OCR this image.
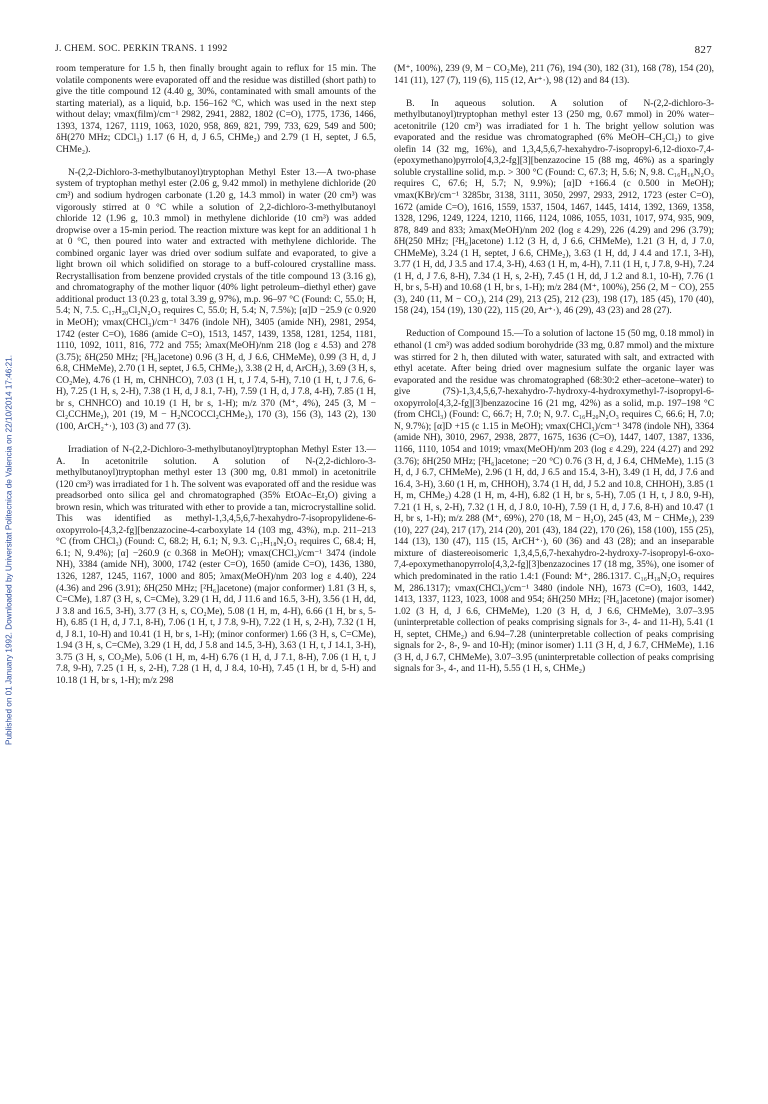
J. CHEM. SOC. PERKIN TRANS. 1 1992	827
Published on 01 January 1992. Downloaded by Universitat Politecnica de Valencia on 22/10/2014 17:46:21.

room temperature for 1.5 h, then finally brought again to reflux for 15 min. The volatile components were evaporated off and the residue was distilled (short path) to give the title compound 12 (4.40 g, 30%, contaminated with small amounts of the starting material), as a liquid, b.p. 156–162 °C, which was used in the next step without delay; νmax(film)/cm⁻¹ 2982, 2941, 2882, 1802 (C=O), 1775, 1736, 1466, 1393, 1374, 1267, 1119, 1063, 1020, 958, 869, 821, 799, 733, 629, 549 and 500; δH(270 MHz; CDCl₃) 1.17 (6 H, d, J 6.5, CHMe₂) and 2.79 (1 H, septet, J 6.5, CHMe₂).

N-(2,2-Dichloro-3-methylbutanoyl)tryptophan Methyl Ester 13.—A two-phase system of tryptophan methyl ester (2.06 g, 9.42 mmol) in methylene dichloride (20 cm³) and sodium hydrogen carbonate (1.20 g, 14.3 mmol) in water (20 cm³) was vigorously stirred at 0 °C while a solution of 2,2-dichloro-3-methylbutanoyl chloride 12 (1.96 g, 10.3 mmol) in methylene dichloride (10 cm³) was added dropwise over a 15-min period. The reaction mixture was kept for an additional 1 h at 0 °C, then poured into water and extracted with methylene dichloride. The combined organic layer was dried over sodium sulfate and evaporated, to give a light brown oil which solidified on storage to a buff-coloured crystalline mass. Recrystallisation from benzene provided crystals of the title compound 13 (3.16 g), and chromatography of the mother liquor (40% light petroleum–diethyl ether) gave additional product 13 (0.23 g, total 3.39 g, 97%), m.p. 96–97 °C (Found: C, 55.0; H, 5.4; N, 7.5. C₁₇H₂₀Cl₂N₂O₃ requires C, 55.0; H, 5.4; N, 7.5%); [α]D −25.9 (c 0.920 in MeOH); νmax(CHCl₃)/cm⁻¹ 3476 (indole NH), 3405 (amide NH), 2981, 2954, 1742 (ester C=O), 1686 (amide C=O), 1513, 1457, 1439, 1358, 1281, 1254, 1181, 1110, 1092, 1011, 816, 772 and 755; λmax(MeOH)/nm 218 (log ε 4.53) and 278 (3.75); δH(250 MHz; [²H₆]acetone) 0.96 (3 H, d, J 6.6, CHMeMe), 0.99 (3 H, d, J 6.8, CHMeMe), 2.70 (1 H, septet, J 6.5, CHMe₂), 3.38 (2 H, d, ArCH₂), 3.69 (3 H, s, CO₂Me), 4.76 (1 H, m, CHNHCO), 7.03 (1 H, t, J 7.4, 5-H), 7.10 (1 H, t, J 7.6, 6-H), 7.25 (1 H, s, 2-H), 7.38 (1 H, d, J 8.1, 7-H), 7.59 (1 H, d, J 7.8, 4-H), 7.85 (1 H, br s, CHNHCO) and 10.19 (1 H, br s, 1-H); m/z 370 (M⁺, 4%), 245 (3, M − Cl₂CCHMe₂), 201 (19, M − H₂NCOCCl₂CHMe₂), 170 (3), 156 (3), 143 (2), 130 (100, ArCH₂⁺·), 103 (3) and 77 (3).

Irradiation of N-(2,2-Dichloro-3-methylbutanoyl)tryptophan Methyl Ester 13.—A. In acetonitrile solution. A solution of N-(2,2-dichloro-3-methylbutanoyl)tryptophan methyl ester 13 (300 mg, 0.81 mmol) in acetonitrile (120 cm³) was irradiated for 1 h. The solvent was evaporated off and the residue was preadsorbed onto silica gel and chromatographed (35% EtOAc–Et₂O) giving a brown resin, which was triturated with ether to provide a tan, microcrystalline solid. This was identified as methyl-1,3,4,5,6,7-hexahydro-7-isopropylidene-6-oxopyrrolo-[4,3,2-fg][benzazocine-4-carboxylate 14 (103 mg, 43%), m.p. 211–213 °C (from CHCl₃) (Found: C, 68.2; H, 6.1; N, 9.3. C₁₇H₁₈N₂O₃ requires C, 68.4; H, 6.1; N, 9.4%); [α] −260.9 (c 0.368 in MeOH); νmax(CHCl₃)/cm⁻¹ 3474 (indole NH), 3384 (amide NH), 3000, 1742 (ester C=O), 1650 (amide C=O), 1436, 1380, 1326, 1287, 1245, 1167, 1000 and 805; λmax(MeOH)/nm 203 log ε 4.40), 224 (4.36) and 296 (3.91); δH(250 MHz; [²H₆]acetone) (major conformer) 1.81 (3 H, s, C=CMe), 1.87 (3 H, s, C=CMe), 3.29 (1 H, dd, J 11.6 and 16.5, 3-H), 3.56 (1 H, dd, J 3.8 and 16.5, 3-H), 3.77 (3 H, s, CO₂Me), 5.08 (1 H, m, 4-H), 6.66 (1 H, br s, 5-H), 6.85 (1 H, d, J 7.1, 8-H), 7.06 (1 H, t, J 7.8, 9-H), 7.22 (1 H, s, 2-H), 7.32 (1 H, d, J 8.1, 10-H) and 10.41 (1 H, br s, 1-H); (minor conformer) 1.66 (3 H, s, C=CMe), 1.94 (3 H, s, C=CMe), 3.29 (1 H, dd, J 5.8 and 14.5, 3-H), 3.63 (1 H, t, J 14.1, 3-H), 3.75 (3 H, s, CO₂Me), 5.06 (1 H, m, 4-H) 6.76 (1 H, d, J 7.1, 8-H), 7.06 (1 H, t, J 7.8, 9-H), 7.25 (1 H, s, 2-H), 7.28 (1 H, d, J 8.4, 10-H), 7.45 (1 H, br d, 5-H) and 10.18 (1 H, br s, 1-H); m/z 298

(M⁺, 100%), 239 (9, M − CO₂Me), 211 (76), 194 (30), 182 (31), 168 (78), 154 (20), 141 (11), 127 (7), 119 (6), 115 (12, Ar⁺·), 98 (12) and 84 (13).

B. In aqueous solution. A solution of N-(2,2-dichloro-3-methylbutanoyl)tryptophan methyl ester 13 (250 mg, 0.67 mmol) in 20% water–acetonitrile (120 cm³) was irradiated for 1 h. The bright yellow solution was evaporated and the residue was chromatographed (6% MeOH–CH₂Cl₂) to give olefin 14 (32 mg, 16%), and 1,3,4,5,6,7-hexahydro-7-isopropyl-6,12-dioxo-7,4-(epoxymethano)pyrrolo[4,3,2-fg][3][benzazocine 15 (88 mg, 46%) as a sparingly soluble crystalline solid, m.p. > 300 °C (Found: C, 67.3; H, 5.6; N, 9.8. C₁₆H₁₆N₂O₃ requires C, 67.6; H, 5.7; N, 9.9%); [α]D +166.4 (c 0.500 in MeOH); νmax(KBr)/cm⁻¹ 3285br, 3138, 3111, 3050, 2997, 2933, 2912, 1723 (ester C=O), 1672 (amide C=O), 1616, 1559, 1537, 1504, 1467, 1445, 1414, 1392, 1369, 1358, 1328, 1296, 1249, 1224, 1210, 1166, 1124, 1086, 1055, 1031, 1017, 974, 935, 909, 878, 849 and 833; λmax(MeOH)/nm 202 (log ε 4.29), 226 (4.29) and 296 (3.79); δH(250 MHz; [²H₆]acetone) 1.12 (3 H, d, J 6.6, CHMeMe), 1.21 (3 H, d, J 7.0, CHMeMe), 3.24 (1 H, septet, J 6.6, CHMe₂), 3.63 (1 H, dd, J 4.4 and 17.1, 3-H), 3.77 (1 H, dd, J 3.5 and 17.4, 3-H), 4.63 (1 H, m, 4-H), 7.11 (1 H, t, J 7.8, 9-H), 7.24 (1 H, d, J 7.6, 8-H), 7.34 (1 H, s, 2-H), 7.45 (1 H, dd, J 1.2 and 8.1, 10-H), 7.76 (1 H, br s, 5-H) and 10.68 (1 H, br s, 1-H); m/z 284 (M⁺, 100%), 256 (2, M − CO), 255 (3), 240 (11, M − CO₂), 214 (29), 213 (25), 212 (23), 198 (17), 185 (45), 170 (40), 158 (24), 154 (19), 130 (22), 115 (20, Ar⁺·), 46 (29), 43 (23) and 28 (27).

Reduction of Compound 15.—To a solution of lactone 15 (50 mg, 0.18 mmol) in ethanol (1 cm³) was added sodium borohydride (33 mg, 0.87 mmol) and the mixture was stirred for 2 h, then diluted with water, saturated with salt, and extracted with ethyl acetate. After being dried over magnesium sulfate the organic layer was evaporated and the residue was chromatographed (68:30:2 ether–acetone–water) to give (7S)-1,3,4,5,6,7-hexahydro-7-hydroxy-4-hydroxymethyl-7-isopropyl-6-oxopyrrolo[4,3,2-fg][3]benzazocine 16 (21 mg, 42%) as a solid, m.p. 197–198 °C (from CHCl₃) (Found: C, 66.7; H, 7.0; N, 9.7. C₁₆H₂₀N₂O₃ requires C, 66.6; H, 7.0; N, 9.7%); [α]D +15 (c 1.15 in MeOH); νmax(CHCl₃)/cm⁻¹ 3478 (indole NH), 3364 (amide NH), 3010, 2967, 2938, 2877, 1675, 1636 (C=O), 1447, 1407, 1387, 1336, 1166, 1110, 1054 and 1019; νmax(MeOH)/nm 203 (log ε 4.29), 224 (4.27) and 292 (3.76); δH(250 MHz; [²H₆]acetone; −20 °C) 0.76 (3 H, d, J 6.4, CHMeMe), 1.15 (3 H, d, J 6.7, CHMeMe), 2.96 (1 H, dd, J 6.5 and 15.4, 3-H), 3.49 (1 H, dd, J 7.6 and 16.4, 3-H), 3.60 (1 H, m, CHHOH), 3.74 (1 H, dd, J 5.2 and 10.8, CHHOH), 3.85 (1 H, m, CHMe₂) 4.28 (1 H, m, 4-H), 6.82 (1 H, br s, 5-H), 7.05 (1 H, t, J 8.0, 9-H), 7.21 (1 H, s, 2-H), 7.32 (1 H, d, J 8.0, 10-H), 7.59 (1 H, d, J 7.6, 8-H) and 10.47 (1 H, br s, 1-H); m/z 288 (M⁺, 69%), 270 (18, M − H₂O), 245 (43, M − CHMe₂), 239 (10), 227 (24), 217 (17), 214 (20), 201 (43), 184 (22), 170 (26), 158 (100), 155 (25), 144 (13), 130 (47), 115 (15, ArCH⁺·), 60 (36) and 43 (28); and an inseparable mixture of diastereoisomeric 1,3,4,5,6,7-hexahydro-2-hydroxy-7-isopropyl-6-oxo-7,4-epoxymethanopyrrolo[4,3,2-fg][3]benzazocines 17 (18 mg, 35%), one isomer of which predominated in the ratio 1.4:1 (Found: M⁺, 286.1317. C₁₆H₁₈N₂O₃ requires M, 286.1317); νmax(CHCl₃)/cm⁻¹ 3480 (indole NH), 1673 (C=O), 1603, 1442, 1413, 1337, 1123, 1023, 1008 and 954; δH(250 MHz; [²H₆]acetone) (major isomer) 1.02 (3 H, d, J 6.6, CHMeMe), 1.20 (3 H, d, J 6.6, CHMeMe), 3.07–3.95 (uninterpretable collection of peaks comprising signals for 3-, 4- and 11-H), 5.41 (1 H, septet, CHMe₂) and 6.94–7.28 (uninterpretable collection of peaks comprising signals for 2-, 8-, 9- and 10-H); (minor isomer) 1.11 (3 H, d, J 6.7, CHMeMe), 1.16 (3 H, d, J 6.7, CHMeMe), 3.07–3.95 (uninterpretable collection of peaks comprising signals for 3-, 4-, and 11-H), 5.55 (1 H, s, CHMe₂)
